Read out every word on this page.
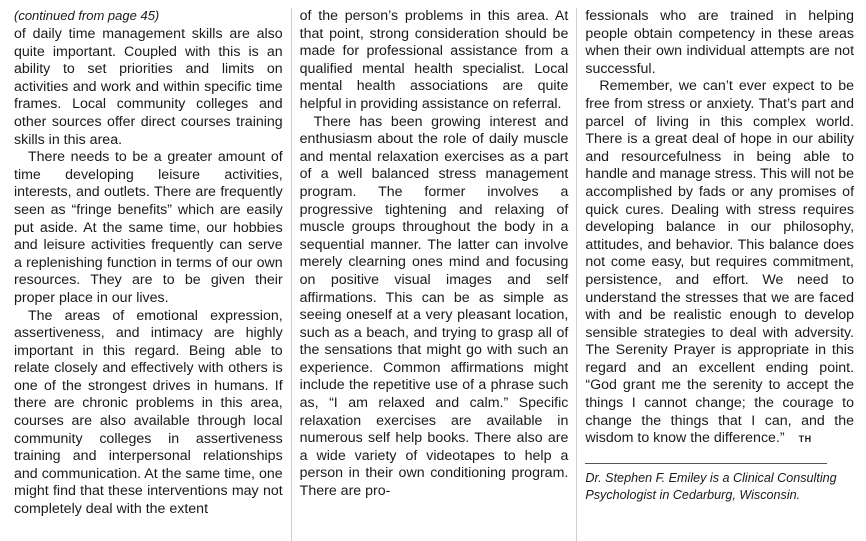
(continued from page 45)

of daily time management skills are also quite important. Coupled with this is an ability to set priorities and limits on activities and work and within specific time frames. Local community colleges and other sources offer direct courses training skills in this area.

There needs to be a greater amount of time developing leisure activities, interests, and outlets. There are frequently seen as “fringe benefits” which are easily put aside. At the same time, our hobbies and leisure activities frequently can serve a replenishing function in terms of our own resources. They are to be given their proper place in our lives.

The areas of emotional expression, assertiveness, and intimacy are highly important in this regard. Being able to relate closely and effectively with others is one of the strongest drives in humans. If there are chronic problems in this area, courses are also available through local community colleges in assertiveness training and interpersonal relationships and communication. At the same time, one might find that these interventions may not completely deal with the extent

of the person’s problems in this area. At that point, strong consideration should be made for professional assistance from a qualified mental health specialist. Local mental health associations are quite helpful in providing assistance on referral.

There has been growing interest and enthusiasm about the role of daily muscle and mental relaxation exercises as a part of a well balanced stress management program. The former involves a progressive tightening and relaxing of muscle groups throughout the body in a sequential manner. The latter can involve merely clearning ones mind and focusing on positive visual images and self affirmations. This can be as simple as seeing oneself at a very pleasant location, such as a beach, and trying to grasp all of the sensations that might go with such an experience. Common affirmations might include the repetitive use of a phrase such as, “I am relaxed and calm.” Specific relaxation exercises are available in numerous self help books. There also are a wide variety of videotapes to help a person in their own conditioning program. There are pro-

fessionals who are trained in helping people obtain competency in these areas when their own individual attempts are not successful.

Remember, we can’t ever expect to be free from stress or anxiety. That’s part and parcel of living in this complex world. There is a great deal of hope in our ability and resourcefulness in being able to handle and manage stress. This will not be accomplished by fads or any promises of quick cures. Dealing with stress requires developing balance in our philosophy, attitudes, and behavior. This balance does not come easy, but requires commitment, persistence, and effort. We need to understand the stresses that we are faced with and be realistic enough to develop sensible strategies to deal with adversity. The Serenity Prayer is appropriate in this regard and an excellent ending point. “God grant me the serenity to accept the things I cannot change; the courage to change the things that I can, and the wisdom to know the difference.” TH

Dr. Stephen F. Emiley is a Clinical Consulting Psychologist in Cedarburg, Wisconsin.
